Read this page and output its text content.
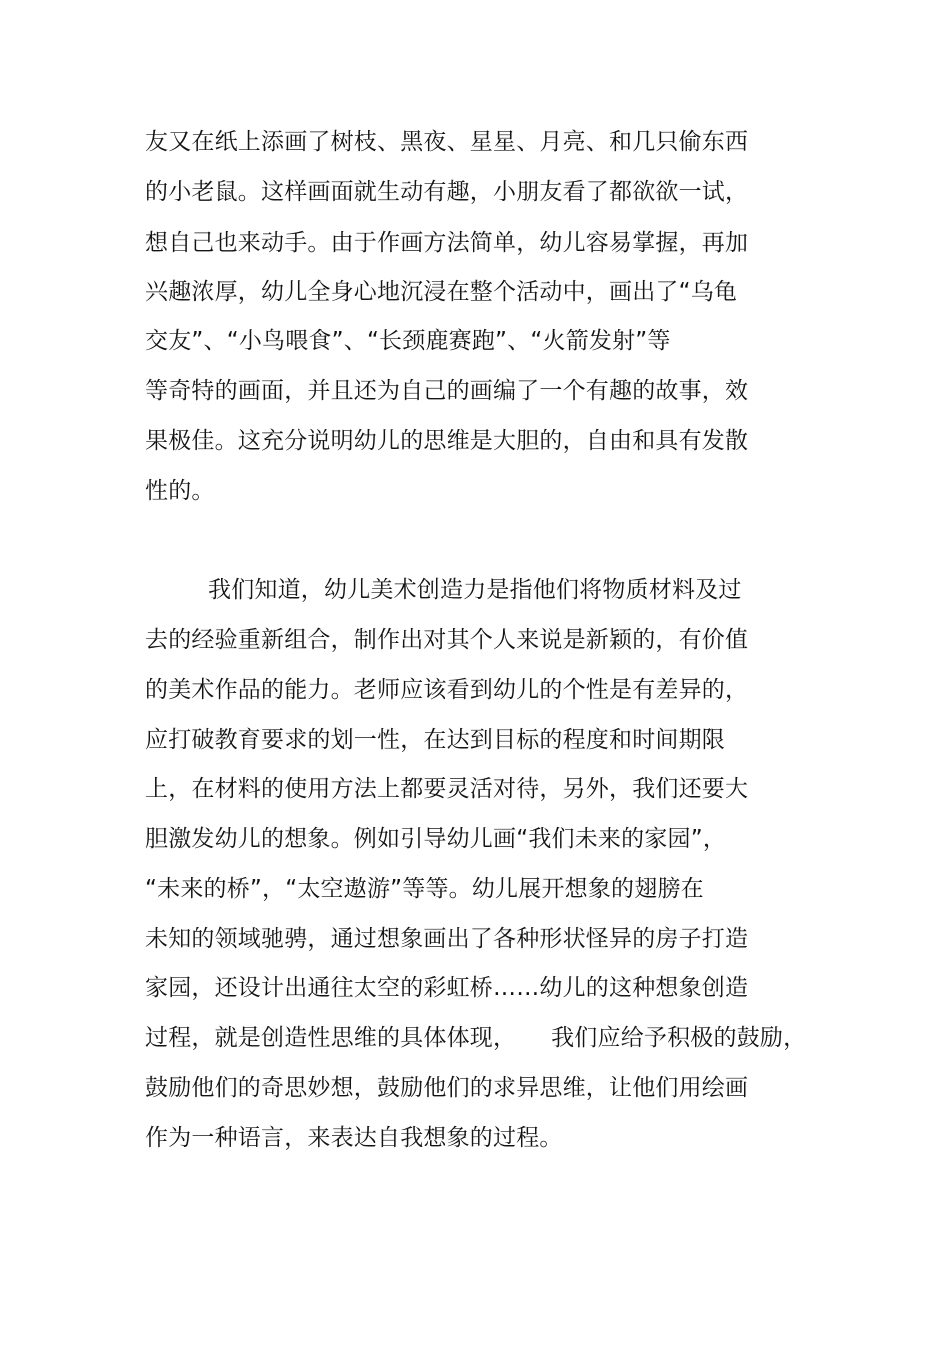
友又在纸上添画了树枝、黑夜、星星、月亮、和几只偷东西
的小老鼠。这样画面就生动有趣，小朋友看了都欲欲一试，
想自己也来动手。由于作画方法简单，幼儿容易掌握，再加
兴趣浓厚，幼儿全身心地沉浸在整个活动中，画出了“乌龟
交友”、“小鸟喂食”、“长颈鹿赛跑”、“火箭发射”等
等奇特的画面，并且还为自己的画编了一个有趣的故事，效
果极佳。这充分说明幼儿的思维是大胆的，自由和具有发散
性的。
我们知道，幼儿美术创造力是指他们将物质材料及过
去的经验重新组合，制作出对其个人来说是新颖的，有价值
的美术作品的能力。老师应该看到幼儿的个性是有差异的，
应打破教育要求的划一性，在达到目标的程度和时间期限
上，在材料的使用方法上都要灵活对待，另外，我们还要大
胆激发幼儿的想象。例如引导幼儿画“我们未来的家园”，
“未来的桥”，“太空遨游”等等。幼儿展开想象的翅膀在
未知的领域驰骋，通过想象画出了各种形状怪异的房子打造
家园，还设计出通往太空的彩虹桥……幼儿的这种想象创造
过程，就是创造性思维的具体体现，　　我们应给予积极的鼓励，
鼓励他们的奇思妙想，鼓励他们的求异思维，让他们用绘画
作为一种语言，来表达自我想象的过程。
